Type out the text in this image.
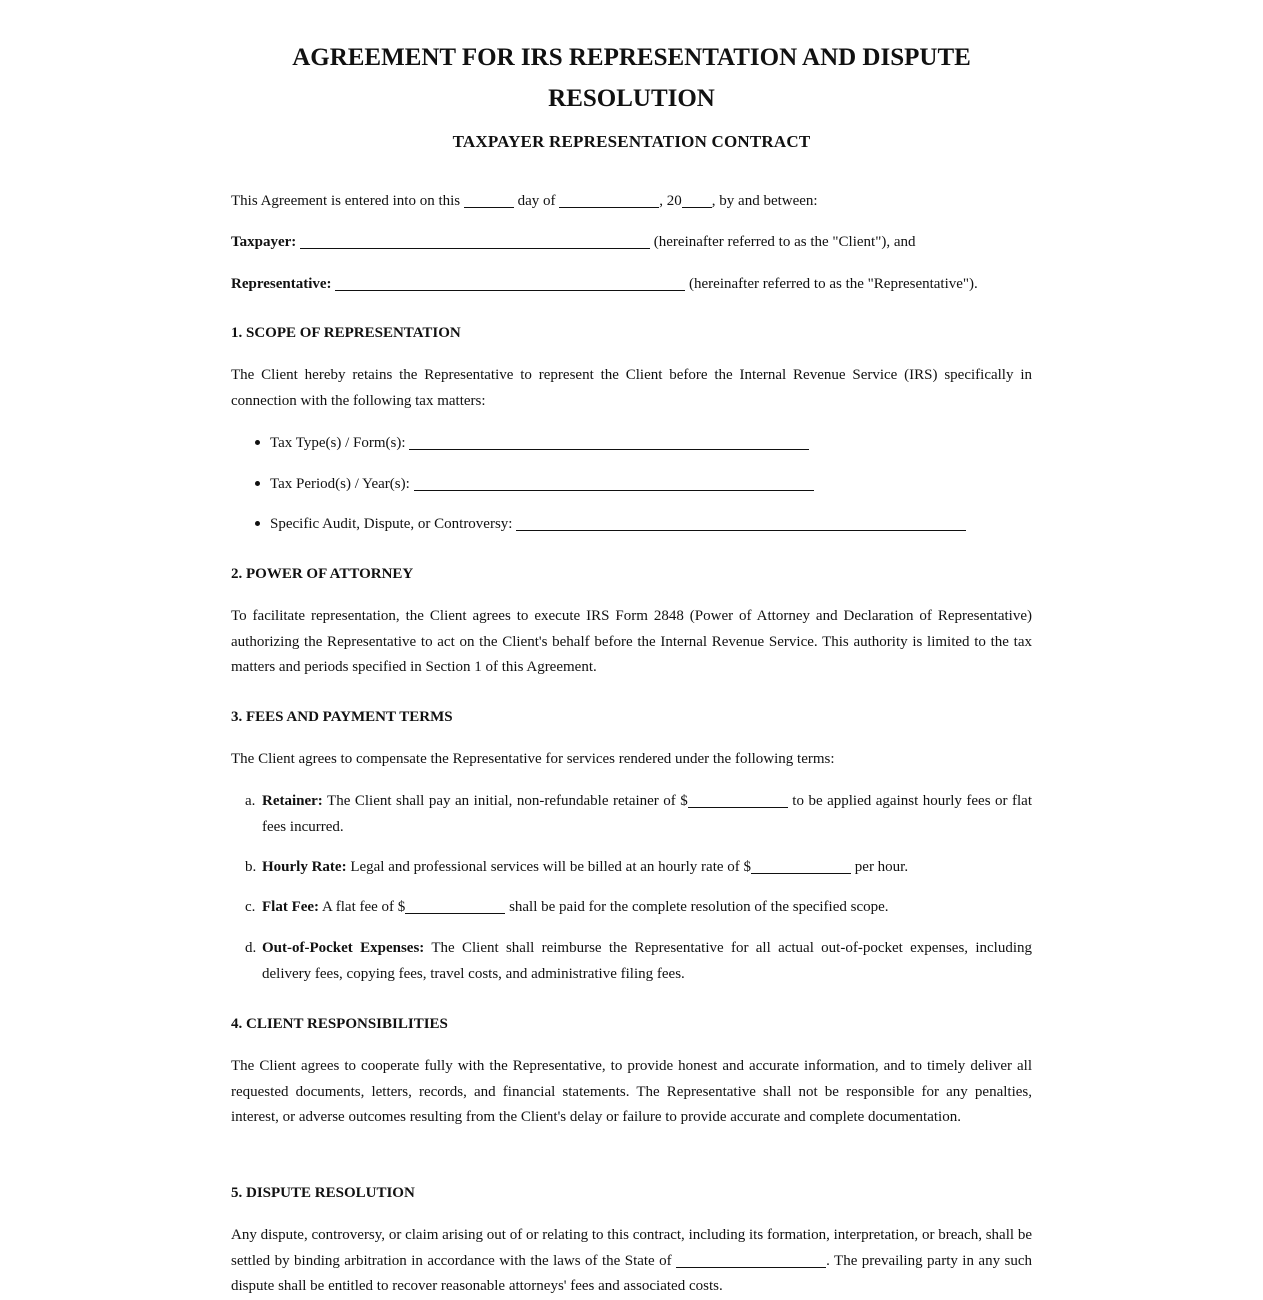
AGREEMENT FOR IRS REPRESENTATION AND DISPUTE
RESOLUTION
TAXPAYER REPRESENTATION CONTRACT
This Agreement is entered into on this	day of	, 20 , by and between:
Taxpayer:	(hereinafter referred to as the "Client"), and
Representative:	(hereinafter referred to as the "Representative").
1. SCOPE OF REPRESENTATION

The Client hereby retains the Representative to represent the Client before the Internal Revenue Service (IRS) specifically in connection with the following tax matters:

Tax Type(s) / Form(s):
Tax Period(s) / Year(s):
Specific Audit, Dispute, or Controversy:
2. POWER OF ATTORNEY

To facilitate representation, the Client agrees to execute IRS Form 2848 (Power of Attorney and Declaration of Representative) authorizing the Representative to act on the Client's behalf before the Internal Revenue Service. This authority is limited to the tax matters and periods specified in Section 1 of this Agreement.

3. FEES AND PAYMENT TERMS

The Client agrees to compensate the Representative for services rendered under the following terms:

a. Retainer: The Client shall pay an initial, non-refundable retainer of $	to be applied against hourly fees or flat fees incurred.
b. Hourly Rate: Legal and professional services will be billed at an hourly rate of $	per hour.
c. Flat Fee: A flat fee of $	shall be paid for the complete resolution of the specified scope.
d. Out-of-Pocket Expenses: The Client shall reimburse the Representative for all actual out-of-pocket expenses, including delivery fees, copying fees, travel costs, and administrative filing fees.
4. CLIENT RESPONSIBILITIES

The Client agrees to cooperate fully with the Representative, to provide honest and accurate information, and to timely deliver all requested documents, letters, records, and financial statements. The Representative shall not be responsible for any penalties, interest, or adverse outcomes resulting from the Client's delay or failure to provide accurate and complete documentation.

5. DISPUTE RESOLUTION

Any dispute, controversy, or claim arising out of or relating to this contract, including its formation, interpretation, or breach, shall be settled by binding arbitration in accordance with the laws of the State of	. The prevailing party in any such dispute shall be entitled to recover reasonable attorneys' fees and associated costs.
